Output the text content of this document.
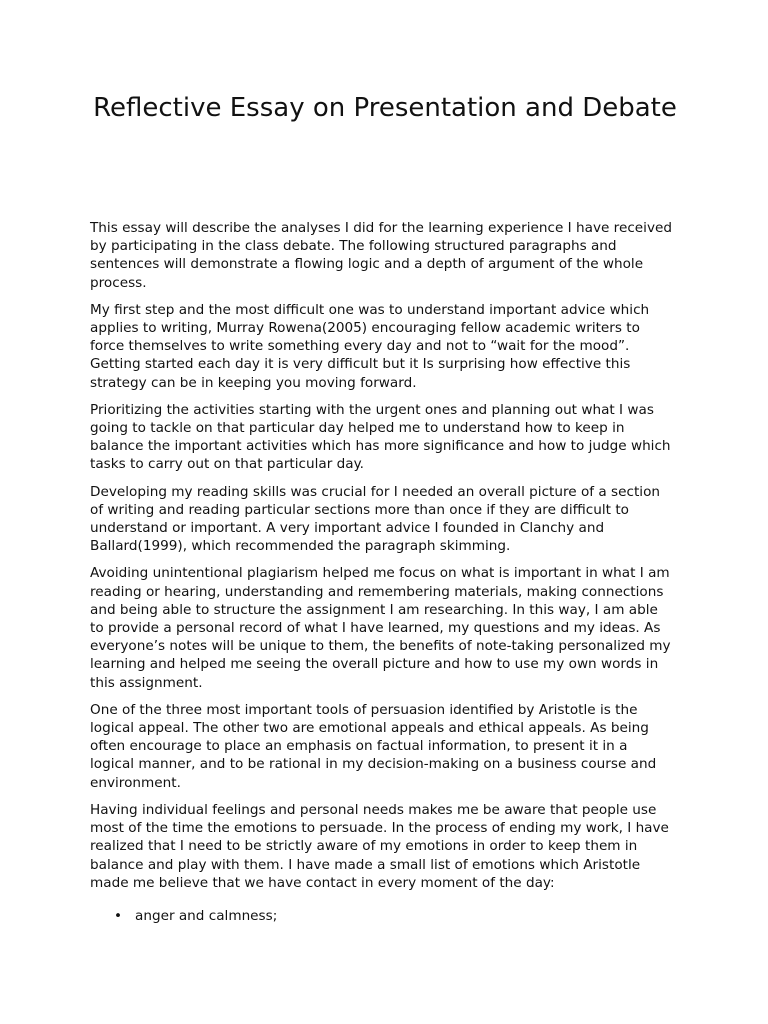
Reflective Essay on Presentation and Debate

This essay will describe the analyses I did for the learning experience I have received by participating in the class debate. The following structured paragraphs and sentences will demonstrate a flowing logic and a depth of argument of the whole process.

My first step and the most difficult one was to understand important advice which applies to writing, Murray Rowena(2005) encouraging fellow academic writers to force themselves to write something every day and not to “wait for the mood”. Getting started each day it is very difficult but it Is surprising how effective this strategy can be in keeping you moving forward.

Prioritizing the activities starting with the urgent ones and planning out what I was going to tackle on that particular day helped me to understand how to keep in balance the important activities which has more significance and how to judge which tasks to carry out on that particular day.

Developing my reading skills was crucial for I needed an overall picture of a section of writing and reading particular sections more than once if they are difficult to understand or important. A very important advice I founded in Clanchy and Ballard(1999), which recommended the paragraph skimming.

Avoiding unintentional plagiarism helped me focus on what is important in what I am reading or hearing, understanding and remembering materials, making connections and being able to structure the assignment I am researching. In this way, I am able to provide a personal record of what I have learned, my questions and my ideas. As everyone’s notes will be unique to them, the benefits of note-taking personalized my learning and helped me seeing the overall picture and how to use my own words in this assignment.

One of the three most important tools of persuasion identified by Aristotle is the logical appeal. The other two are emotional appeals and ethical appeals. As being often encourage to place an emphasis on factual information, to present it in a logical manner, and to be rational in my decision-making on a business course and environment.

Having individual feelings and personal needs makes me be aware that people use most of the time the emotions to persuade. In the process of ending my work, I have realized that I need to be strictly aware of my emotions in order to keep them in balance and play with them. I have made a small list of emotions which Aristotle made me believe that we have contact in every moment of the day:

• anger and calmness;
